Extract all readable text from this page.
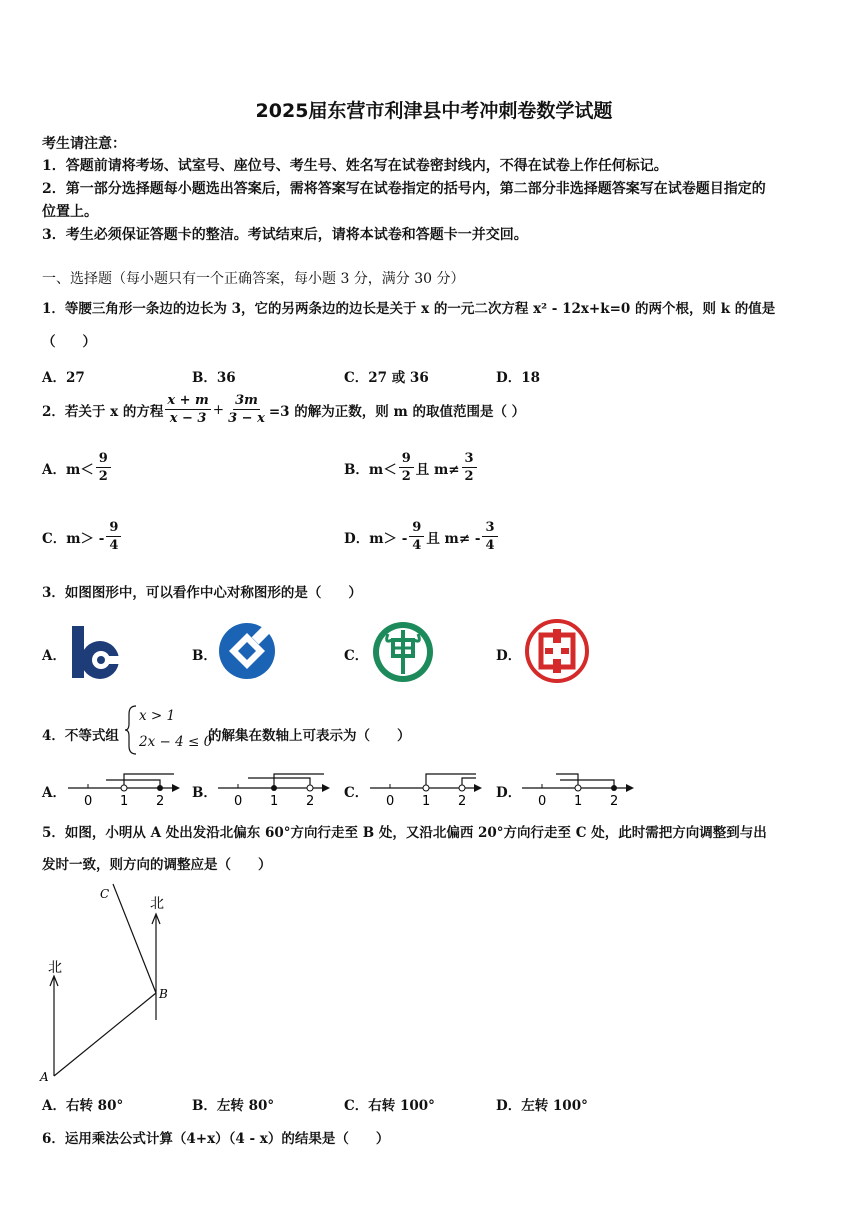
2025届东营市利津县中考冲刺卷数学试题
考生请注意：
1．答题前请将考场、试室号、座位号、考生号、姓名写在试卷密封线内，不得在试卷上作任何标记。
2．第一部分选择题每小题选出答案后，需将答案写在试卷指定的括号内，第二部分非选择题答案写在试卷题目指定的
位置上。
3．考生必须保证答题卡的整洁。考试结束后，请将本试卷和答题卡一并交回。
一、选择题（每小题只有一个正确答案，每小题 3 分，满分 30 分）
1．等腰三角形一条边的边长为 3，它的另两条边的边长是关于 x 的一元二次方程 x² - 12x+k=0 的两个根，则 k 的值是
（　　）
A．27	B．36	C．27 或 36	D．18
2．若关于 x 的方程 $\frac{x + m}{x - 3} + \frac{3m}{3 - x} =3$ 的解为正数，则 m 的取值范围是（ ）
A．$m< \frac{9}{2}$	B．$m< \frac{9}{2}$ 且 $m\ne \frac{3}{2}$
C．$m> - \frac{9}{4}$	D．$m> - \frac{9}{4}$ 且 $m\ne - \frac{3}{4}$
3．如图图形中，可以看作中心对称图形的是（　　）
A．	B．	C．	D．
4．不等式组
x > 1
2x − 4 ≤ 0
的解集在数轴上可表示为（　　）
A．	B．	C．	D．
0 1 2	0 1 2	0 1 2	0 1 2
5．如图，小明从 A 处出发沿北偏东 60°方向行走至 B 处，又沿北偏西 20°方向行走至 C 处，此时需把方向调整到与出
发时一致，则方向的调整应是（　　）
北
北
A
B
C
A．右转 80°	B．左转 80°	C．右转 100°	D．左转 100°
6．运用乘法公式计算（4+x）（4 - x）的结果是（　　）
